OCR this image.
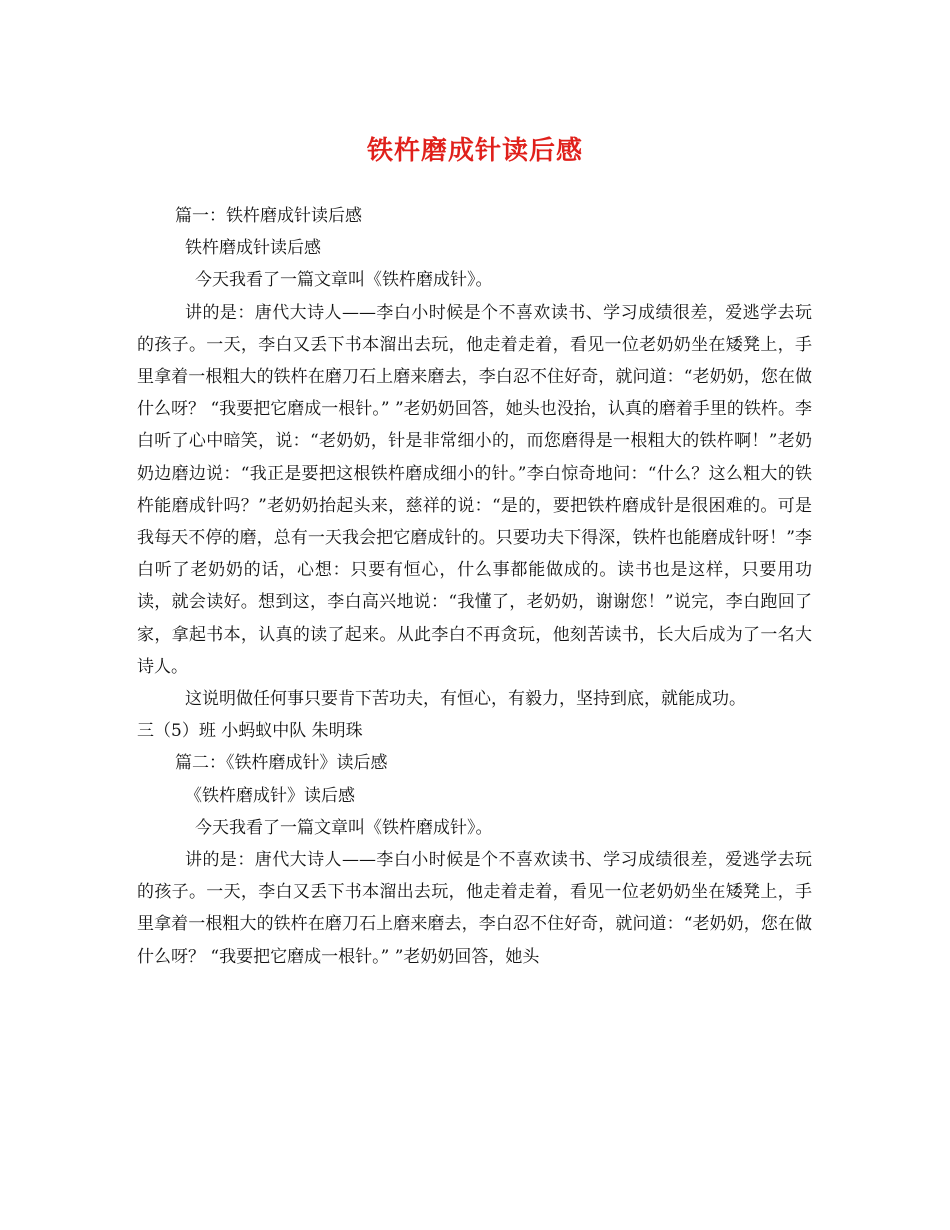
铁杵磨成针读后感

篇一：铁杵磨成针读后感

铁杵磨成针读后感

今天我看了一篇文章叫《铁杵磨成针》。

讲的是：唐代大诗人——李白小时候是个不喜欢读书、学习成绩很差，爱逃学去玩的孩子。一天，李白又丢下书本溜出去玩，他走着走着，看见一位老奶奶坐在矮凳上，手里拿着一根粗大的铁杵在磨刀石上磨来磨去，李白忍不住好奇，就问道：“老奶奶，您在做什么呀？ “我要把它磨成一根针。” ”老奶奶回答，她头也没抬，认真的磨着手里的铁杵。李白听了心中暗笑，说：“老奶奶，针是非常细小的，而您磨得是一根粗大的铁杵啊！”老奶奶边磨边说：“我正是要把这根铁杵磨成细小的针。”李白惊奇地问：“什么？这么粗大的铁杵能磨成针吗？”老奶奶抬起头来，慈祥的说：“是的，要把铁杵磨成针是很困难的。可是我每天不停的磨，总有一天我会把它磨成针的。只要功夫下得深，铁杵也能磨成针呀！”李白听了老奶奶的话，心想：只要有恒心，什么事都能做成的。读书也是这样，只要用功读，就会读好。想到这，李白高兴地说：“我懂了，老奶奶，谢谢您！”说完，李白跑回了家，拿起书本，认真的读了起来。从此李白不再贪玩，他刻苦读书，长大后成为了一名大诗人。

这说明做任何事只要肯下苦功夫，有恒心，有毅力，坚持到底，就能成功。

三（5）班 小蚂蚁中队 朱明珠

篇二：《铁杵磨成针》读后感

《铁杵磨成针》读后感

今天我看了一篇文章叫《铁杵磨成针》。

讲的是：唐代大诗人——李白小时候是个不喜欢读书、学习成绩很差，爱逃学去玩的孩子。一天，李白又丢下书本溜出去玩，他走着走着，看见一位老奶奶坐在矮凳上，手里拿着一根粗大的铁杵在磨刀石上磨来磨去，李白忍不住好奇，就问道：“老奶奶，您在做什么呀？ “我要把它磨成一根针。” ”老奶奶回答，她头
